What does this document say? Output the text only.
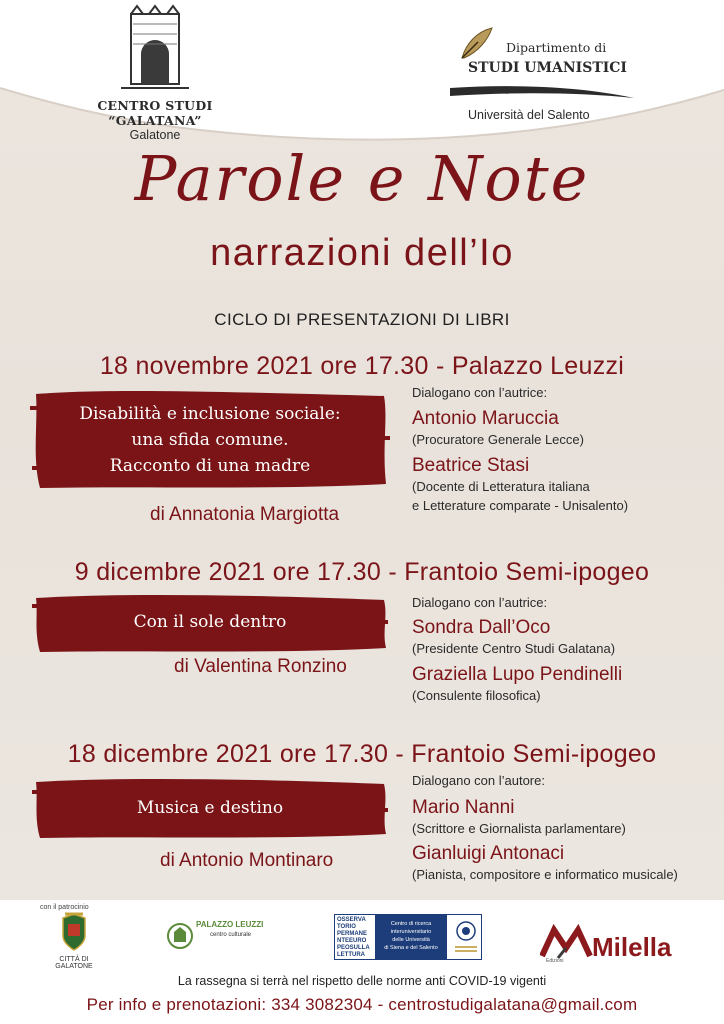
CENTRO STUDI “GALATANA”
Galatone
Dipartimento di
STUDI UMANISTICI
Università del Salento
Parole e Note
narrazioni dell’Io
CICLO DI PRESENTAZIONI DI LIBRI
18 novembre 2021 ore 17.30 - Palazzo Leuzzi
Disabilità e inclusione sociale:
una sfida comune.
Racconto di una madre
di Annatonia Margiotta
Dialogano con l’autrice:
Antonio Maruccia
(Procuratore Generale Lecce)
Beatrice Stasi
(Docente di Letteratura italiana
e Letterature comparate - Unisalento)
9 dicembre 2021 ore 17.30 - Frantoio Semi-ipogeo
Con il sole dentro
di Valentina Ronzino
Dialogano con l’autrice:
Sondra Dall’Oco
(Presidente Centro Studi Galatana)
Graziella Lupo Pendinelli
(Consulente filosofica)
18 dicembre 2021 ore 17.30 - Frantoio Semi-ipogeo
Musica e destino
di Antonio Montinaro
Dialogano con l’autore:
Mario Nanni
(Scrittore e Giornalista parlamentare)
Gianluigi Antonaci
(Pianista, compositore e informatico musicale)
con il patrocinio
CITTÀ DI GALATONE
PALAZZO LEUZZI
centro culturale
OSSERVA
TORIO
PERMANE
NTEEURO
PEOSULLA
LETTURA
Centro di ricerca
interuniversitario
delle Università
di Siena e del Salento	Milella
Edizioni
La rassegna si terrà nel rispetto delle norme anti COVID-19 vigenti
Per info e prenotazioni: 334 3082304 - centrostudigalatana@gmail.com
